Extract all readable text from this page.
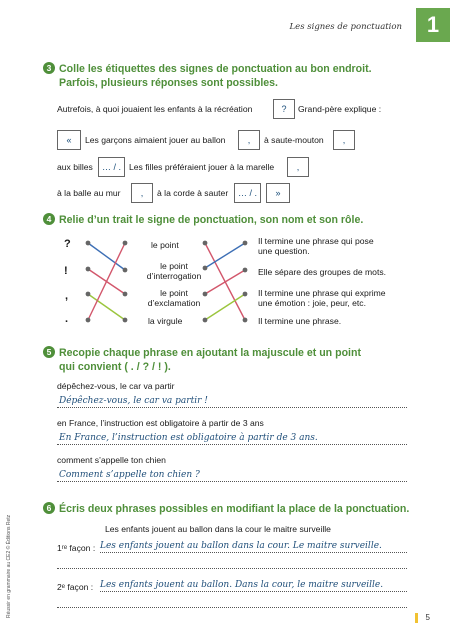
Les signes de ponctuation	1
3 Colle les étiquettes des signes de ponctuation au bon endroit.
Parfois, plusieurs réponses sont possibles.
Autrefois, à quoi jouaient les enfants à la récréation	?	Grand-père explique :
«	Les garçons aimaient jouer au ballon	,	à saute-mouton	,
aux billes	… / . Les filles préféraient jouer à la marelle	,
à la balle au mur	,	à la corde à sauter	… / .	»
4 Relie d’un trait le signe de ponctuation, son nom et son rôle.
?
!
,
.
le point
le point
d’interrogation
le point
d’exclamation
la virgule
Il termine une phrase qui pose
une question.
Elle sépare des groupes de mots.
Il termine une phrase qui exprime
une émotion : joie, peur, etc.
Il termine une phrase.
5 Recopie chaque phrase en ajoutant la majuscule et un point
qui convient ( . / ? / ! ).
dépêchez-vous, le car va partir
Dépêchez-vous, le car va partir !
en France, l’instruction est obligatoire à partir de 3 ans
En France, l’instruction est obligatoire à partir de 3 ans.
comment s’appelle ton chien
Comment s’appelle ton chien ?
6 Écris deux phrases possibles en modifiant la place de la ponctuation.
Les enfants jouent au ballon dans la cour le maitre surveille
1ʳᵉ façon : Les enfants jouent au ballon dans la cour. Le maitre surveille.
2ᵉ façon : Les enfants jouent au ballon. Dans la cour, le maitre surveille.
Réussir en grammaire au CE2 © Éditions Retz	5
